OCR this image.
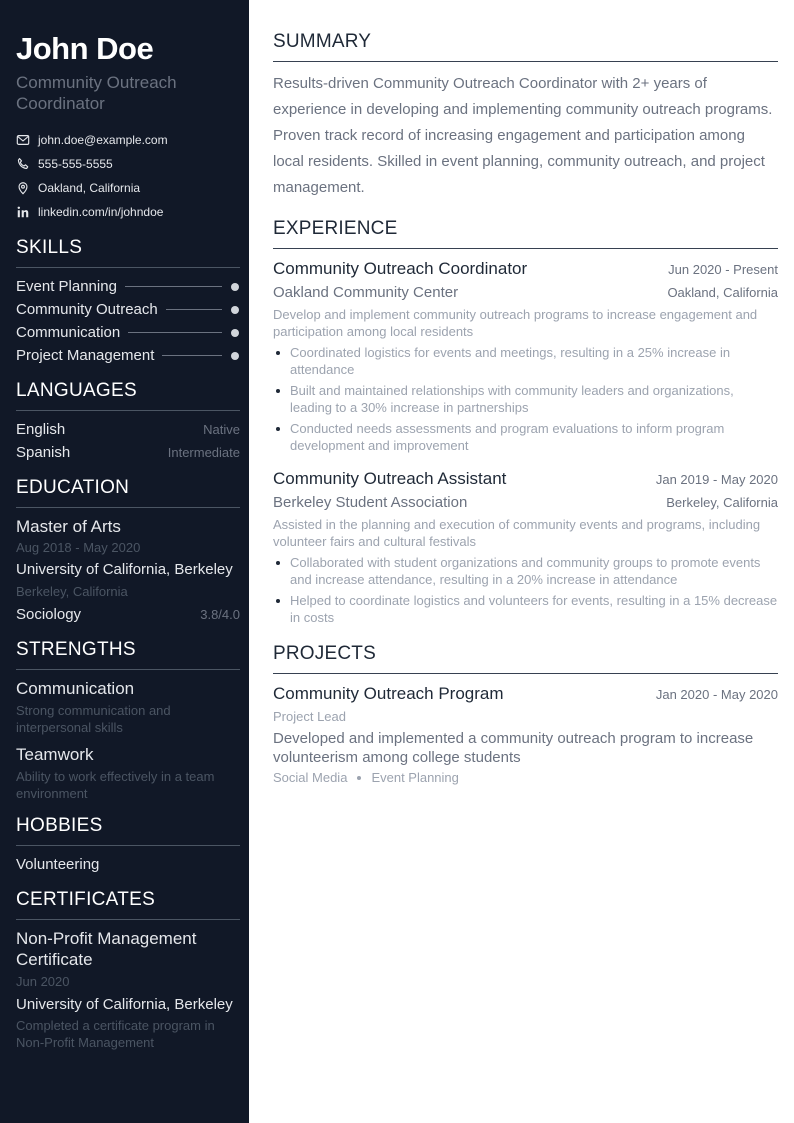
John Doe
Community Outreach Coordinator
john.doe@example.com
555-555-5555
Oakland, California
linkedin.com/in/johndoe
SKILLS
Event Planning
Community Outreach
Communication
Project Management
LANGUAGES
English	Native
Spanish	Intermediate
EDUCATION
Master of Arts
Aug 2018 - May 2020
University of California, Berkeley
Berkeley, California
Sociology	3.8/4.0
STRENGTHS
Communication
Strong communication and interpersonal skills
Teamwork
Ability to work effectively in a team environment
HOBBIES
Volunteering
CERTIFICATES
Non-Profit Management Certificate
Jun 2020
University of California, Berkeley
Completed a certificate program in Non-Profit Management
SUMMARY
Results-driven Community Outreach Coordinator with 2+ years of experience in developing and implementing community outreach programs. Proven track record of increasing engagement and participation among local residents. Skilled in event planning, community outreach, and project management.
EXPERIENCE
Community Outreach Coordinator	Jun 2020 - Present
Oakland Community Center	Oakland, California
Develop and implement community outreach programs to increase engagement and participation among local residents
Coordinated logistics for events and meetings, resulting in a 25% increase in attendance
Built and maintained relationships with community leaders and organizations, leading to a 30% increase in partnerships
Conducted needs assessments and program evaluations to inform program development and improvement
Community Outreach Assistant	Jan 2019 - May 2020
Berkeley Student Association	Berkeley, California
Assisted in the planning and execution of community events and programs, including volunteer fairs and cultural festivals
Collaborated with student organizations and community groups to promote events and increase attendance, resulting in a 20% increase in attendance
Helped to coordinate logistics and volunteers for events, resulting in a 15% decrease in costs
PROJECTS
Community Outreach Program	Jan 2020 - May 2020
Project Lead
Developed and implemented a community outreach program to increase volunteerism among college students
Social Media Event Planning
